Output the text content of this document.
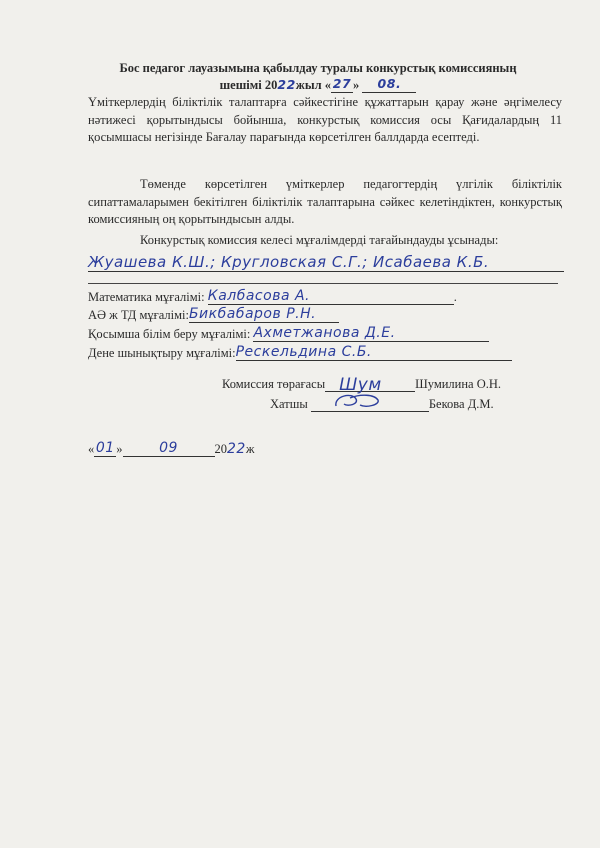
Бос педагог лауазымына қабылдау туралы конкурстық комиссияның
шешімі 2022жыл « 27 » 08.
Үміткерлердің біліктілік талаптарға сәйкестігіне құжаттарын қарау және әңгімелесу нәтижесі қорытындысы бойынша, конкурстық комиссия осы Қағидалардың 11 қосымшасы негізінде Бағалау парағында көрсетілген баллдарда есептеді.
Төменде көрсетілген үміткерлер педагогтердің үлгілік біліктілік сипаттамаларымен бекітілген біліктілік талаптарына сәйкес келетіндіктен, конкурстық комиссияның оң қорытындысын алды.
Конкурстық комиссия келесі мұғалімдерді тағайындауды ұсынады:
Жуашева К.Ш.; Кругловская С.Г.; Исабаева К.Б.
Математика мұғалімі: Калбасова А.	.
АӘ ж ТД мұғалімі:Бикбабаров Р.Н.
Қосымша білім беру мұғалімі: Ахметжанова Д.Е.
Дене шынықтыру мұғалімі:Рескельдина С.Б.
Комиссия төрағасы Шум	Шумилина О.Н.
Хатшы	Бекова Д.М.
« 01 »	09	2022ж
